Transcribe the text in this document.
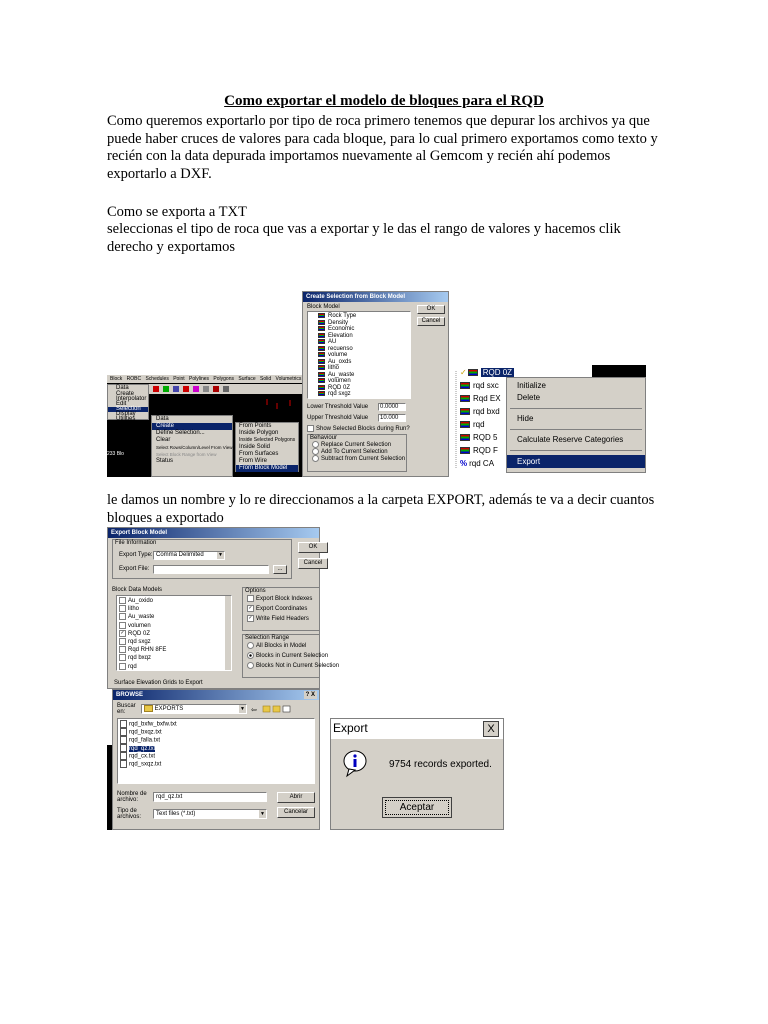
Como exportar el modelo de bloques para el RQD
Como queremos exportarlo por tipo de roca primero tenemos que depurar los archivos ya que puede haber cruces de valores para cada bloque, para lo cual primero exportamos como texto y recién con la data depurada importamos nuevamente al Gemcom y recién ahí podemos exportarlo a DXF.
Como se exporta a TXT
seleccionas el tipo de roca que vas a exportar y le das el rango de valores y hacemos clik derecho y exportamos
le damos un nombre y lo re direccionamos a la carpeta EXPORT, además te va a decir cuantos bloques a exportado
Block ROBC Schedules Point Polylines Polygons Surface Solid Volumetrics
Data
Create
Interpolator
Edit
Selection
Display
Utilities	Data
Create
Define Selection...
Clear
Select Rows/Column/Level From View
Select Block Range from View
Status
From Points
Inside Polygon
Inside Selected Polygons
Inside Solid
From Surfaces
From Wire
From Block Model
233 Blo
Create Selection from Block Model
Block Model
Rock Type
Density
Economic
Elevation
AU
recuenso
volume
Au_oxds
litho
Au_waste
volumen
RQD 0Z
rqd sxgz
OK
Cancel
Lower Threshold Value	0.0000
Upper Threshold Value	10.000
Show Selected Blocks during Run?
Behaviour
Replace Current Selection
Add To Current Selection
Subtract from Current Selection
✓ RQD 0Z
rqd sxc
Rqd EX
rqd bxd
rqd
RQD 5
RQD F
% rqd CA
Initialize
Delete
Hide
Calculate Reserve Categories
Export
Export Block Model
File Information
Export Type: Comma Delimited	▼
Export File:	...
OK
Cancel
Block Data Models
Au_oxido
litho
Au_waste
volumen
✓ RQD 0Z
rqd sxgz
Rqd RHN 8FE
rqd bxqz
rqd
Options
Export Block Indexes
✓ Export Coordinates
✓ Write Field Headers
Selection Range
All Blocks in Model
Blocks in Current Selection
Blocks Not in Current Selection
Surface Elevation Grids to Export
BROWSE	? X
Buscar en:	EXPORTS	▼ ⇦
rqd_bxfw_bxfw.txt
rqd_bxqz.txt
rqd_falla.txt
rqd_qz.txt
rqd_cx.txt
rqd_sxqz.txt
Nombre de archivo:	rqd_qz.txt
Tipo de archivos:	Text files (*.txt)	▼
Abrir
Cancelar
Export	X
9754 records exported.
Aceptar
